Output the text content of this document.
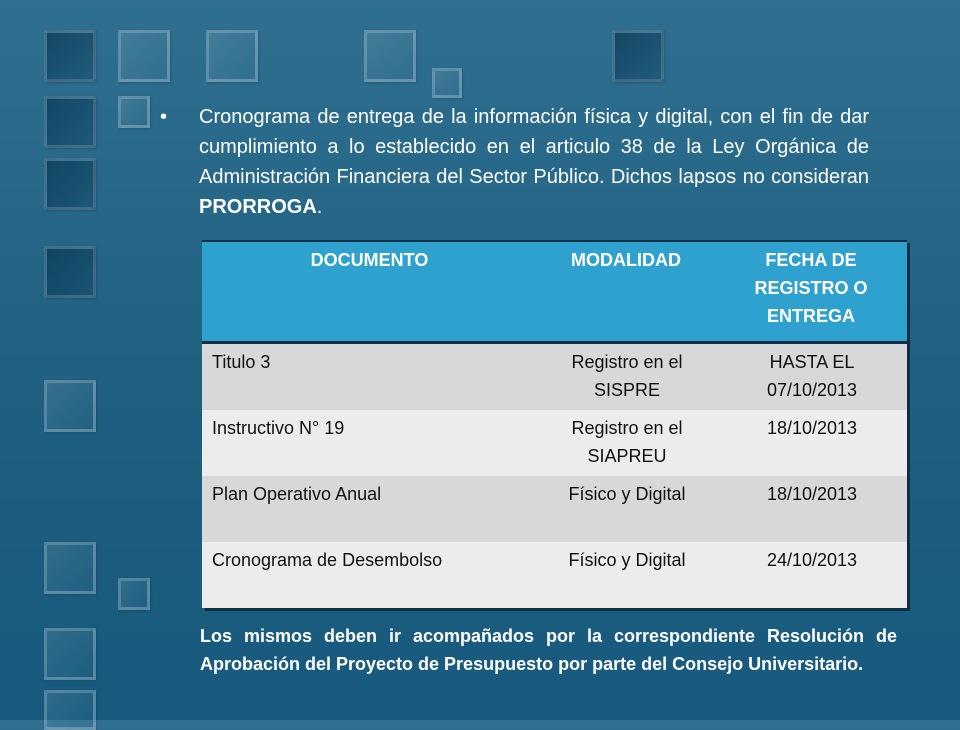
• Cronograma de entrega de la información física y digital, con el fin de dar cumplimiento a lo establecido en el articulo 38 de la Ley Orgánica de Administración Financiera del Sector Público. Dichos lapsos no consideran PRORROGA.
DOCUMENTO	MODALIDAD	FECHA DE REGISTRO O ENTREGA
Titulo 3	Registro en el SISPRE	HASTA EL 07/10/2013
Instructivo N° 19	Registro en el SIAPREU	18/10/2013
Plan Operativo Anual	Físico y Digital	18/10/2013
Cronograma de Desembolso	Físico y Digital	24/10/2013
Los mismos deben ir acompañados por la correspondiente Resolución de Aprobación del Proyecto de Presupuesto por parte del Consejo Universitario.
